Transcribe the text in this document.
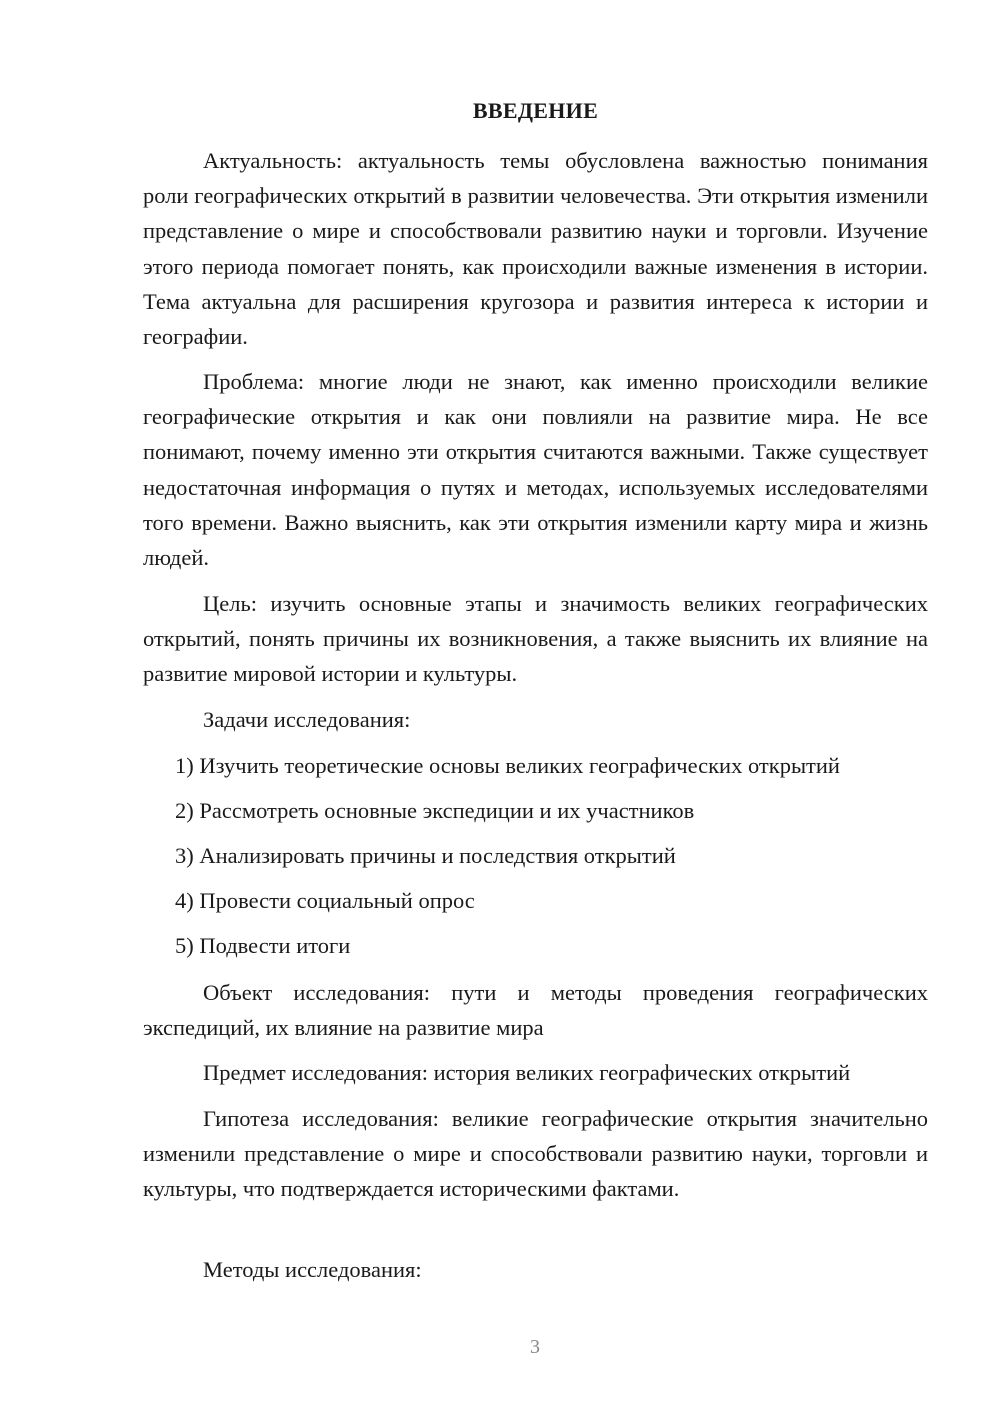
ВВЕДЕНИЕ

Актуальность: актуальность темы обусловлена важностью понимания роли географических открытий в развитии человечества. Эти открытия изменили представление о мире и способствовали развитию науки и торговли. Изучение этого периода помогает понять, как происходили важные изменения в истории. Тема актуальна для расширения кругозора и развития интереса к истории и географии.

Проблема: многие люди не знают, как именно происходили великие географические открытия и как они повлияли на развитие мира. Не все понимают, почему именно эти открытия считаются важными. Также существует недостаточная информация о путях и методах, используемых исследователями того времени. Важно выяснить, как эти открытия изменили карту мира и жизнь людей.

Цель: изучить основные этапы и значимость великих географических открытий, понять причины их возникновения, а также выяснить их влияние на развитие мировой истории и культуры.

Задачи исследования:

1) Изучить теоретические основы великих географических открытий

2) Рассмотреть основные экспедиции и их участников

3) Анализировать причины и последствия открытий

4) Провести социальный опрос

5) Подвести итоги

Объект исследования: пути и методы проведения географических экспедиций, их влияние на развитие мира

Предмет исследования: история великих географических открытий

Гипотеза исследования: великие географические открытия значительно изменили представление о мире и способствовали развитию науки, торговли и культуры, что подтверждается историческими фактами.

Методы исследования:

3
